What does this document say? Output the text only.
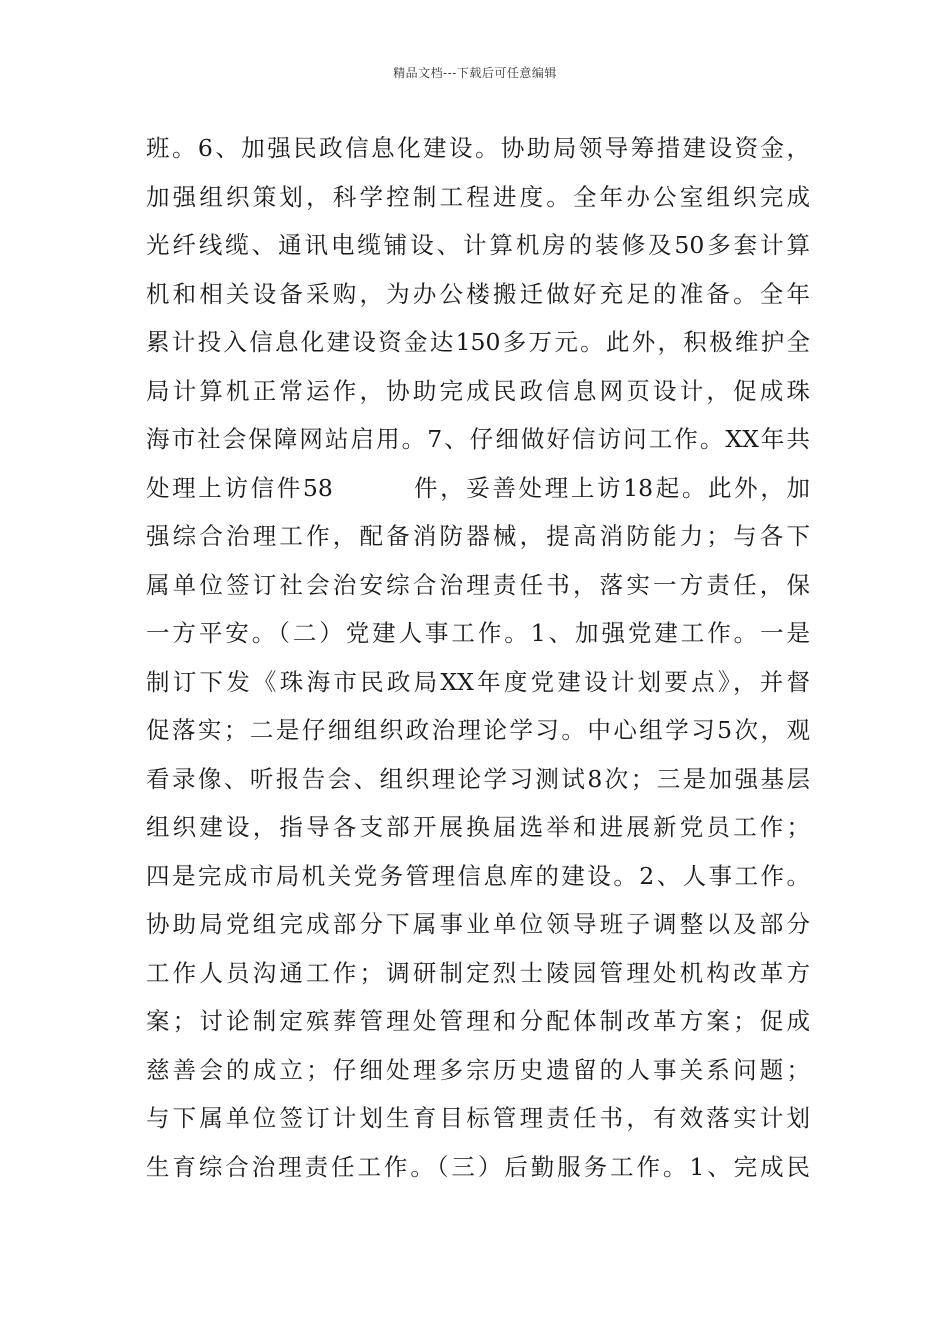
精品文档---下载后可任意编辑
班。6、加强民政信息化建设。协助局领导筹措建设资金，
加强组织策划，科学控制工程进度。全年办公室组织完成
光纤线缆、通讯电缆铺设、计算机房的装修及50多套计算
机和相关设备采购，为办公楼搬迁做好充足的准备。全年
累计投入信息化建设资金达150多万元。此外，积极维护全
局计算机正常运作，协助完成民政信息网页设计，促成珠
海市社会保障网站启用。7、仔细做好信访问工作。XX年共
处理上访信件58　　　件，妥善处理上访18起。此外，加
强综合治理工作，配备消防器械，提高消防能力；与各下
属单位签订社会治安综合治理责任书，落实一方责任，保
一方平安。（二）党建人事工作。1、加强党建工作。一是
制订下发《珠海市民政局XX年度党建设计划要点》，并督
促落实；二是仔细组织政治理论学习。中心组学习5次，观
看录像、听报告会、组织理论学习测试8次；三是加强基层
组织建设，指导各支部开展换届选举和进展新党员工作；
四是完成市局机关党务管理信息库的建设。2、人事工作。
协助局党组完成部分下属事业单位领导班子调整以及部分
工作人员沟通工作；调研制定烈士陵园管理处机构改革方
案；讨论制定殡葬管理处管理和分配体制改革方案；促成
慈善会的成立；仔细处理多宗历史遗留的人事关系问题；
与下属单位签订计划生育目标管理责任书，有效落实计划
生育综合治理责任工作。（三）后勤服务工作。1、完成民
